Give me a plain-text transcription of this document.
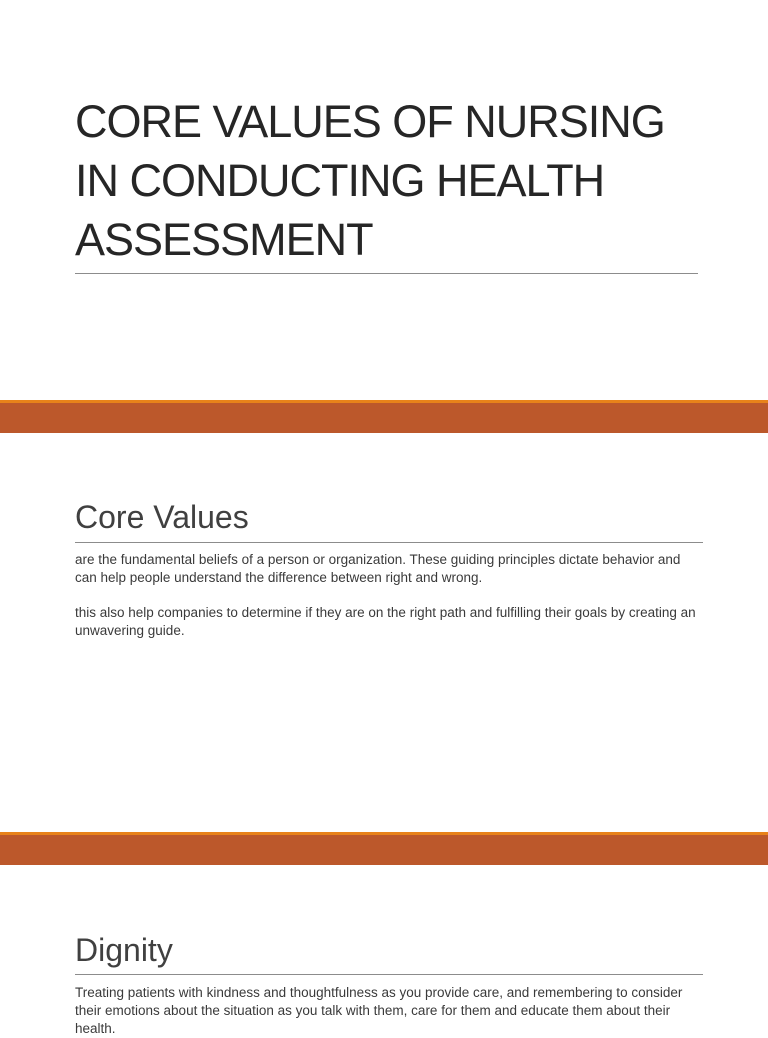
CORE VALUES OF NURSING IN CONDUCTING HEALTH ASSESSMENT
Core Values

are the fundamental beliefs of a person or organization. These guiding principles dictate behavior and can help people understand the difference between right and wrong.

this also help companies to determine if they are on the right path and fulfilling their goals by creating an unwavering guide.

Dignity

Treating patients with kindness and thoughtfulness as you provide care, and remembering to consider their emotions about the situation as you talk with them, care for them and educate them about their health.
